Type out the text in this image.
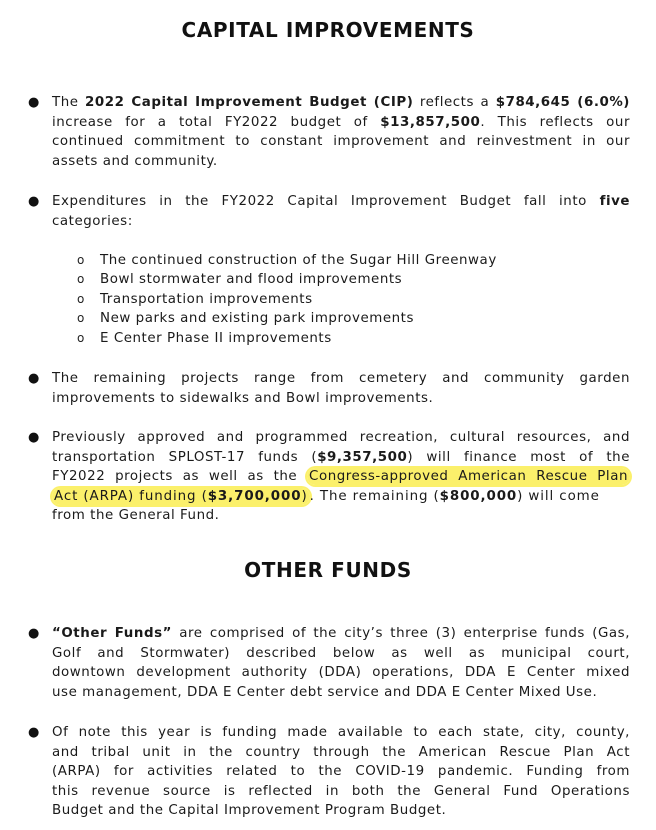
CAPITAL IMPROVEMENTS
● The 2022 Capital Improvement Budget (CIP) reflects a $784,645 (6.0%)
increase for a total FY2022 budget of $13,857,500. This reflects our
continued commitment to constant improvement and reinvestment in our
assets and community.
● Expenditures in the FY2022 Capital Improvement Budget fall into five
categories:
o The continued construction of the Sugar Hill Greenway
o Bowl stormwater and flood improvements
o Transportation improvements
o New parks and existing park improvements
o E Center Phase II improvements
● The remaining projects range from cemetery and community garden
improvements to sidewalks and Bowl improvements.
● Previously approved and programmed recreation, cultural resources, and
transportation SPLOST-17 funds ($9,357,500) will finance most of the
FY2022 projects as well as the Congress-approved American Rescue Plan
Act (ARPA) funding ($3,700,000) . The remaining ($800,000) will come
from the General Fund.
OTHER FUNDS
● “Other Funds” are comprised of the city’s three (3) enterprise funds (Gas,
Golf and Stormwater) described below as well as municipal court,
downtown development authority (DDA) operations, DDA E Center mixed
use management, DDA E Center debt service and DDA E Center Mixed Use.
● Of note this year is funding made available to each state, city, county,
and tribal unit in the country through the American Rescue Plan Act
(ARPA) for activities related to the COVID-19 pandemic. Funding from
this revenue source is reflected in both the General Fund Operations
Budget and the Capital Improvement Program Budget.
